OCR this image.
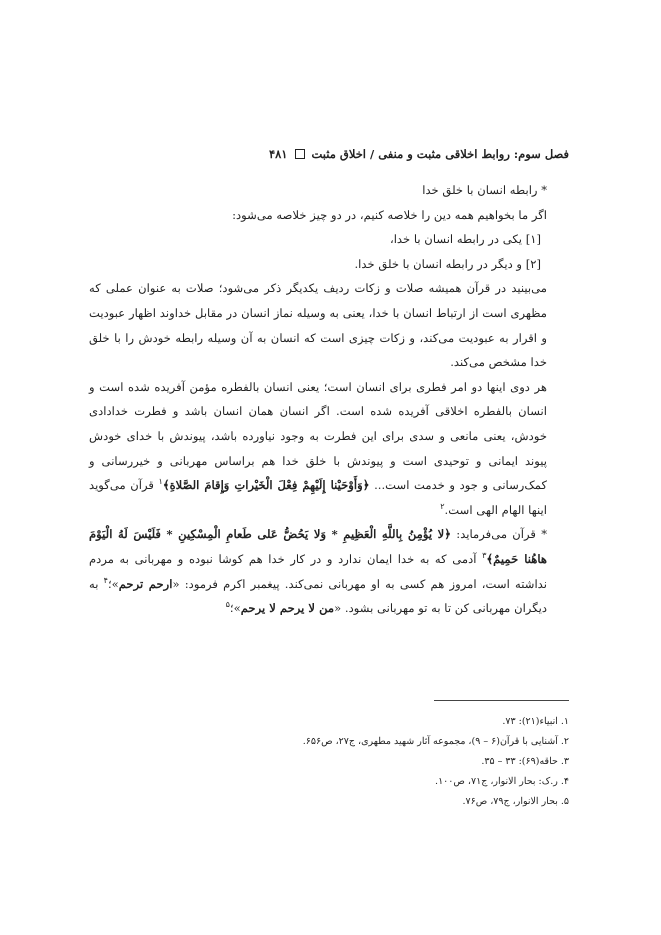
فصل سوم: روابط اخلاقی مثبت و منفی / اخلاق مثبت  ۴۸۱

* رابطه انسان با خلق خدا

اگر ما بخواهیم همه دین را خلاصه کنیم، در دو چیز خلاصه می‌شود:

[۱] یکی در رابطه انسان با خدا،

[۲] و دیگر در رابطه انسان با خلق خدا.

می‌بینید در قرآن همیشه صلات و زکات ردیف یکدیگر ذکر می‌شود؛ صلات به عنوان عملی که مظهری است از ارتباط انسان با خدا، یعنی به وسیله نماز انسان در مقابل خداوند اظهار عبودیت و اقرار به عبودیت می‌کند، و زکات چیزی است که انسان به آن وسیله رابطه خودش را با خلق خدا مشخص می‌کند.

هر دوی اینها دو امر فطری برای انسان است؛ یعنی انسان بالفطره مؤمن آفریده شده است و انسان بالفطره اخلاقی آفریده شده است. اگر انسان همان انسان باشد و فطرت خدادادی خودش، یعنی مانعی و سدی برای این فطرت به وجود نیاورده باشد، پیوندش با خدای خودش پیوند ایمانی و توحیدی است و پیوندش با خلق خدا هم براساس مهربانی و خیررسانی و کمک‌رسانی و جود و خدمت است... ﴿وَأَوْحَيْنا إِلَيْهِمْ فِعْلَ الْخَيْراتِ وَإِقامَ الصَّلاةِ﴾$^۱$ قرآن می‌گوید اینها الهام الهی است.$^۲$

* قرآن می‌فرماید: ﴿لا يُؤْمِنُ بِاللَّهِ الْعَظِيمِ * وَلا يَحُضُّ عَلى طَعامِ الْمِسْكِينِ * فَلَيْسَ لَهُ الْيَوْمَ هاهُنا حَمِيمٌ﴾$^۳$ آدمی که به خدا ایمان ندارد و در کار خدا هم کوشا نبوده و مهربانی به مردم نداشته است، امروز هم کسی به او مهربانی نمی‌کند. پیغمبر اکرم فرمود: «ارحم ترحم»؛$^۴$ به دیگران مهربانی کن تا به تو مهربانی بشود. «من لا یرحم لا یرحم»؛$^۵$

۱. انبیاء(۲۱): ۷۳.
۲. آشنایی با قرآن(۶ – ۹)، مجموعه آثار شهید مطهری، ج۲۷، ص۶۵۶.
۳. حاقه(۶۹): ۳۳ – ۳۵.
۴. ر.ک: بحار الانوار، ج۷۱، ص۱۰۰.
۵. بحار الانوار، ج۷۹، ص۷۶.
